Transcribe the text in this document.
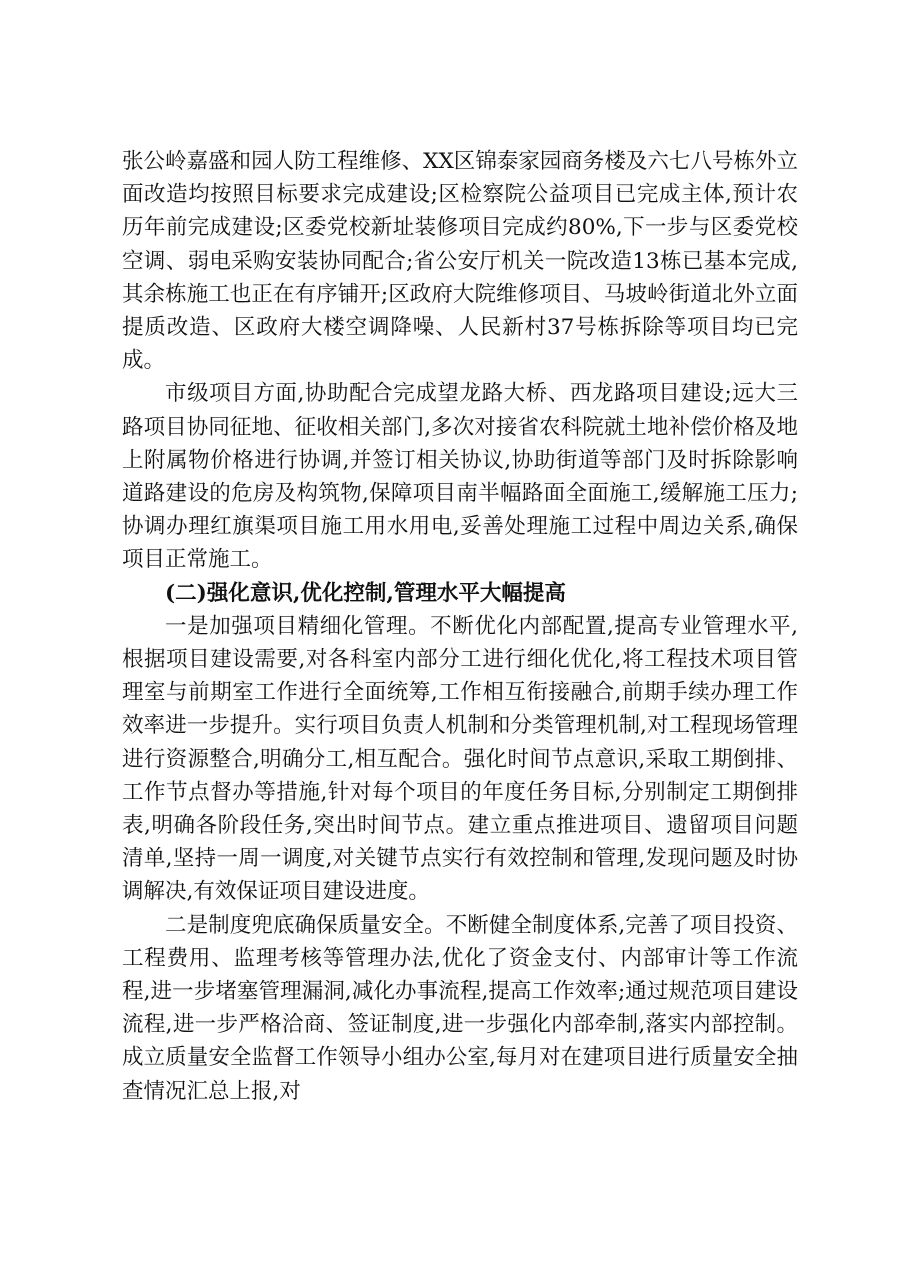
张公岭嘉盛和园人防工程维修、XX区锦泰家园商务楼及六七八号栋外立面改造均按照目标要求完成建设;区检察院公益项目已完成主体,预计农历年前完成建设;区委党校新址装修项目完成约80%,下一步与区委党校空调、弱电采购安装协同配合;省公安厅机关一院改造13栋已基本完成,其余栋施工也正在有序铺开;区政府大院维修项目、马坡岭街道北外立面提质改造、区政府大楼空调降噪、人民新村37号栋拆除等项目均已完成。

市级项目方面,协助配合完成望龙路大桥、西龙路项目建设;远大三路项目协同征地、征收相关部门,多次对接省农科院就土地补偿价格及地上附属物价格进行协调,并签订相关协议,协助街道等部门及时拆除影响道路建设的危房及构筑物,保障项目南半幅路面全面施工,缓解施工压力;协调办理红旗渠项目施工用水用电,妥善处理施工过程中周边关系,确保项目正常施工。

(二)强化意识,优化控制,管理水平大幅提高

一是加强项目精细化管理。不断优化内部配置,提高专业管理水平,根据项目建设需要,对各科室内部分工进行细化优化,将工程技术项目管理室与前期室工作进行全面统筹,工作相互衔接融合,前期手续办理工作效率进一步提升。实行项目负责人机制和分类管理机制,对工程现场管理进行资源整合,明确分工,相互配合。强化时间节点意识,采取工期倒排、工作节点督办等措施,针对每个项目的年度任务目标,分别制定工期倒排表,明确各阶段任务,突出时间节点。建立重点推进项目、遗留项目问题清单,坚持一周一调度,对关键节点实行有效控制和管理,发现问题及时协调解决,有效保证项目建设进度。

二是制度兜底确保质量安全。不断健全制度体系,完善了项目投资、工程费用、监理考核等管理办法,优化了资金支付、内部审计等工作流程,进一步堵塞管理漏洞,减化办事流程,提高工作效率;通过规范项目建设流程,进一步严格洽商、签证制度,进一步强化内部牵制,落实内部控制。成立质量安全监督工作领导小组办公室,每月对在建项目进行质量安全抽查情况汇总上报,对
